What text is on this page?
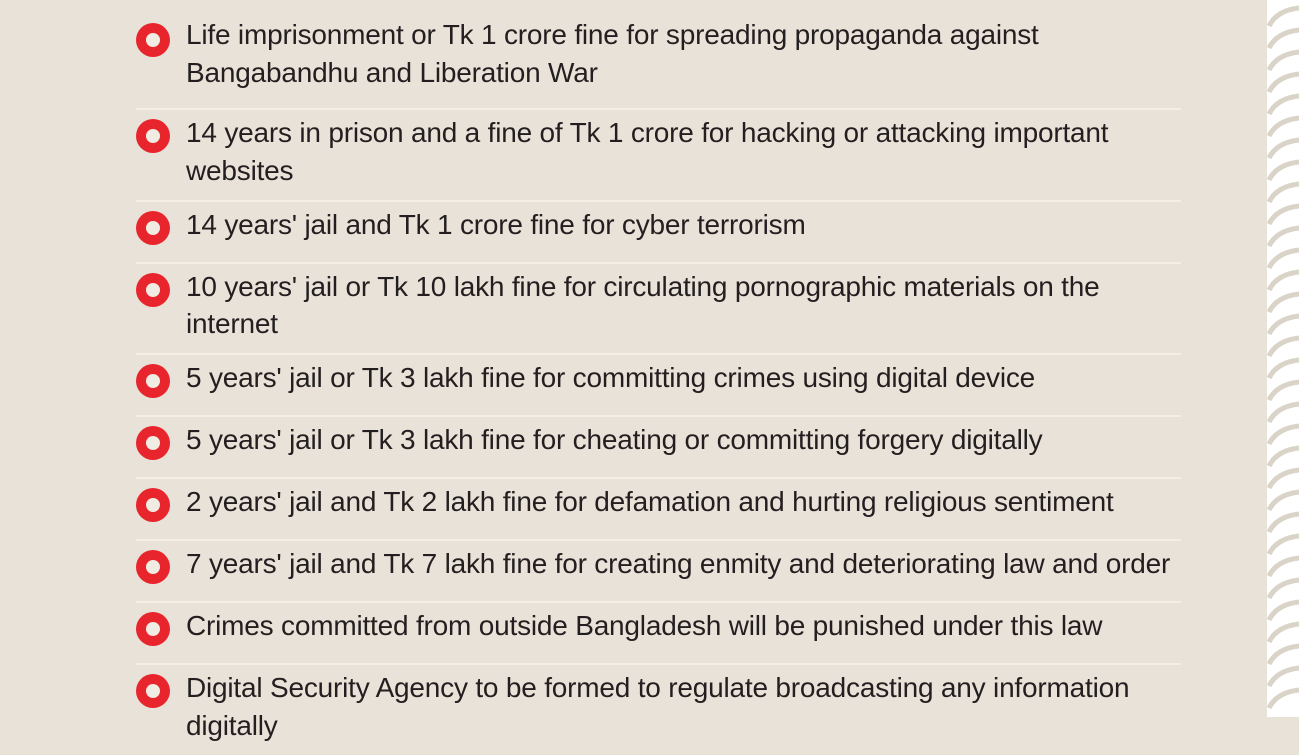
Life imprisonment or Tk 1 crore fine for spreading propaganda against Bangabandhu and Liberation War
14 years in prison and a fine of Tk 1 crore for hacking or attacking important websites
14 years' jail and Tk 1 crore fine for cyber terrorism
10 years' jail or Tk 10 lakh fine for circulating pornographic materials on the internet
5 years' jail or Tk 3 lakh fine for committing crimes using digital device
5 years' jail or Tk 3 lakh fine for cheating or committing forgery digitally
2 years' jail and Tk 2 lakh fine for defamation and hurting religious sentiment
7 years' jail and Tk 7 lakh fine for creating enmity and deteriorating law and order
Crimes committed from outside Bangladesh will be punished under this law
Digital Security Agency to be formed to regulate broadcasting any information digitally
